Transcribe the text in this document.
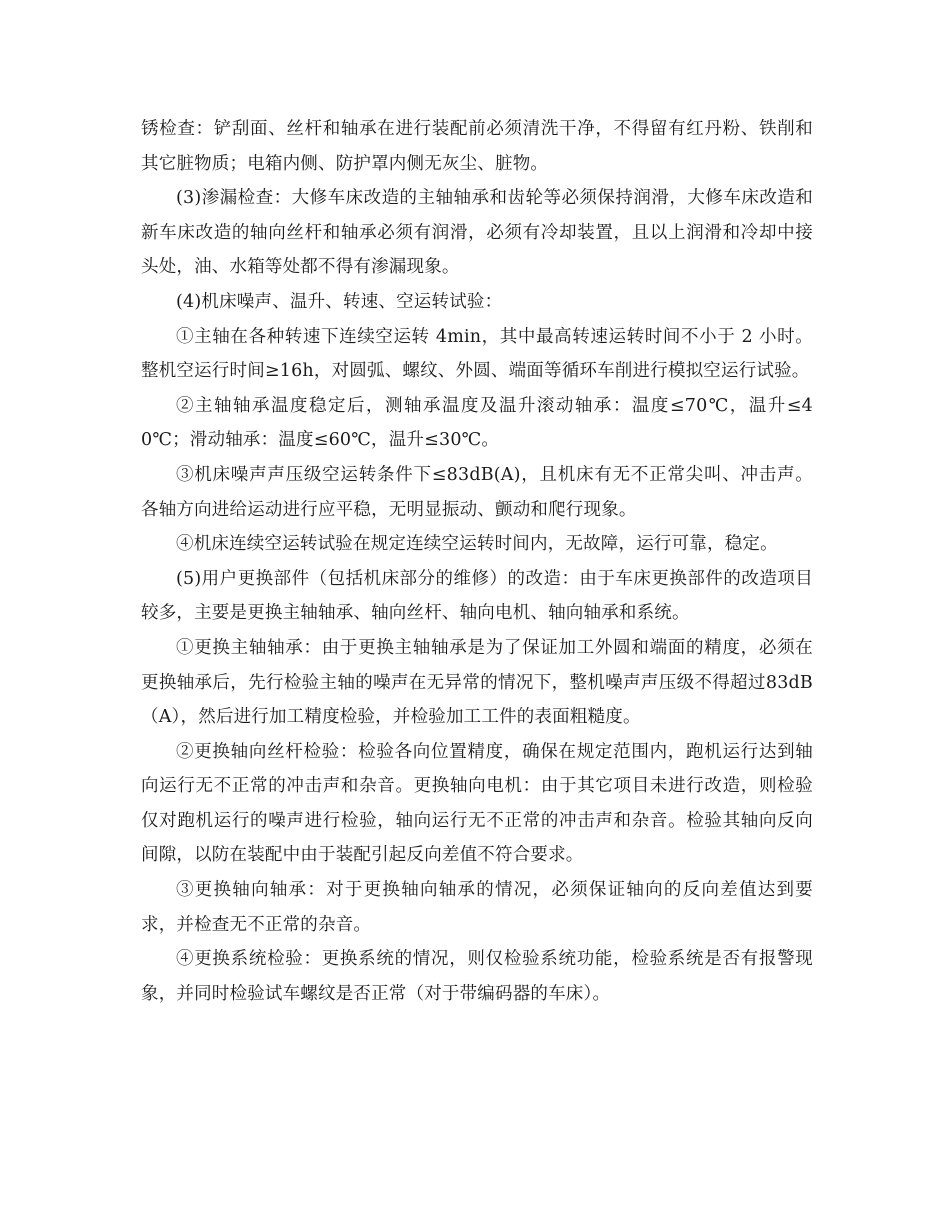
锈检查：铲刮面、丝杆和轴承在进行装配前必须清洗干净，不得留有红丹粉、铁削和其它脏物质；电箱内侧、防护罩内侧无灰尘、脏物。

(3)渗漏检查：大修车床改造的主轴轴承和齿轮等必须保持润滑，大修车床改造和新车床改造的轴向丝杆和轴承必须有润滑，必须有冷却装置，且以上润滑和冷却中接头处，油、水箱等处都不得有渗漏现象。

(4)机床噪声、温升、转速、空运转试验：

①主轴在各种转速下连续空运转 4min，其中最高转速运转时间不小于 2 小时。整机空运行时间≥16h，对圆弧、螺纹、外圆、端面等循环车削进行模拟空运行试验。

②主轴轴承温度稳定后，测轴承温度及温升滚动轴承：温度≤70℃，温升≤40℃；滑动轴承：温度≤60℃，温升≤30℃。

③机床噪声声压级空运转条件下≤83dB(A)，且机床有无不正常尖叫、冲击声。各轴方向进给运动进行应平稳，无明显振动、颤动和爬行现象。

④机床连续空运转试验在规定连续空运转时间内，无故障，运行可靠，稳定。

(5)用户更换部件（包括机床部分的维修）的改造：由于车床更换部件的改造项目较多，主要是更换主轴轴承、轴向丝杆、轴向电机、轴向轴承和系统。

①更换主轴轴承：由于更换主轴轴承是为了保证加工外圆和端面的精度，必须在更换轴承后，先行检验主轴的噪声在无异常的情况下，整机噪声声压级不得超过83dB（A），然后进行加工精度检验，并检验加工工件的表面粗糙度。

②更换轴向丝杆检验：检验各向位置精度，确保在规定范围内，跑机运行达到轴向运行无不正常的冲击声和杂音。更换轴向电机：由于其它项目未进行改造，则检验仅对跑机运行的噪声进行检验，轴向运行无不正常的冲击声和杂音。检验其轴向反向间隙，以防在装配中由于装配引起反向差值不符合要求。

③更换轴向轴承：对于更换轴向轴承的情况，必须保证轴向的反向差值达到要求，并检查无不正常的杂音。

④更换系统检验：更换系统的情况，则仅检验系统功能，检验系统是否有报警现象，并同时检验试车螺纹是否正常（对于带编码器的车床）。
